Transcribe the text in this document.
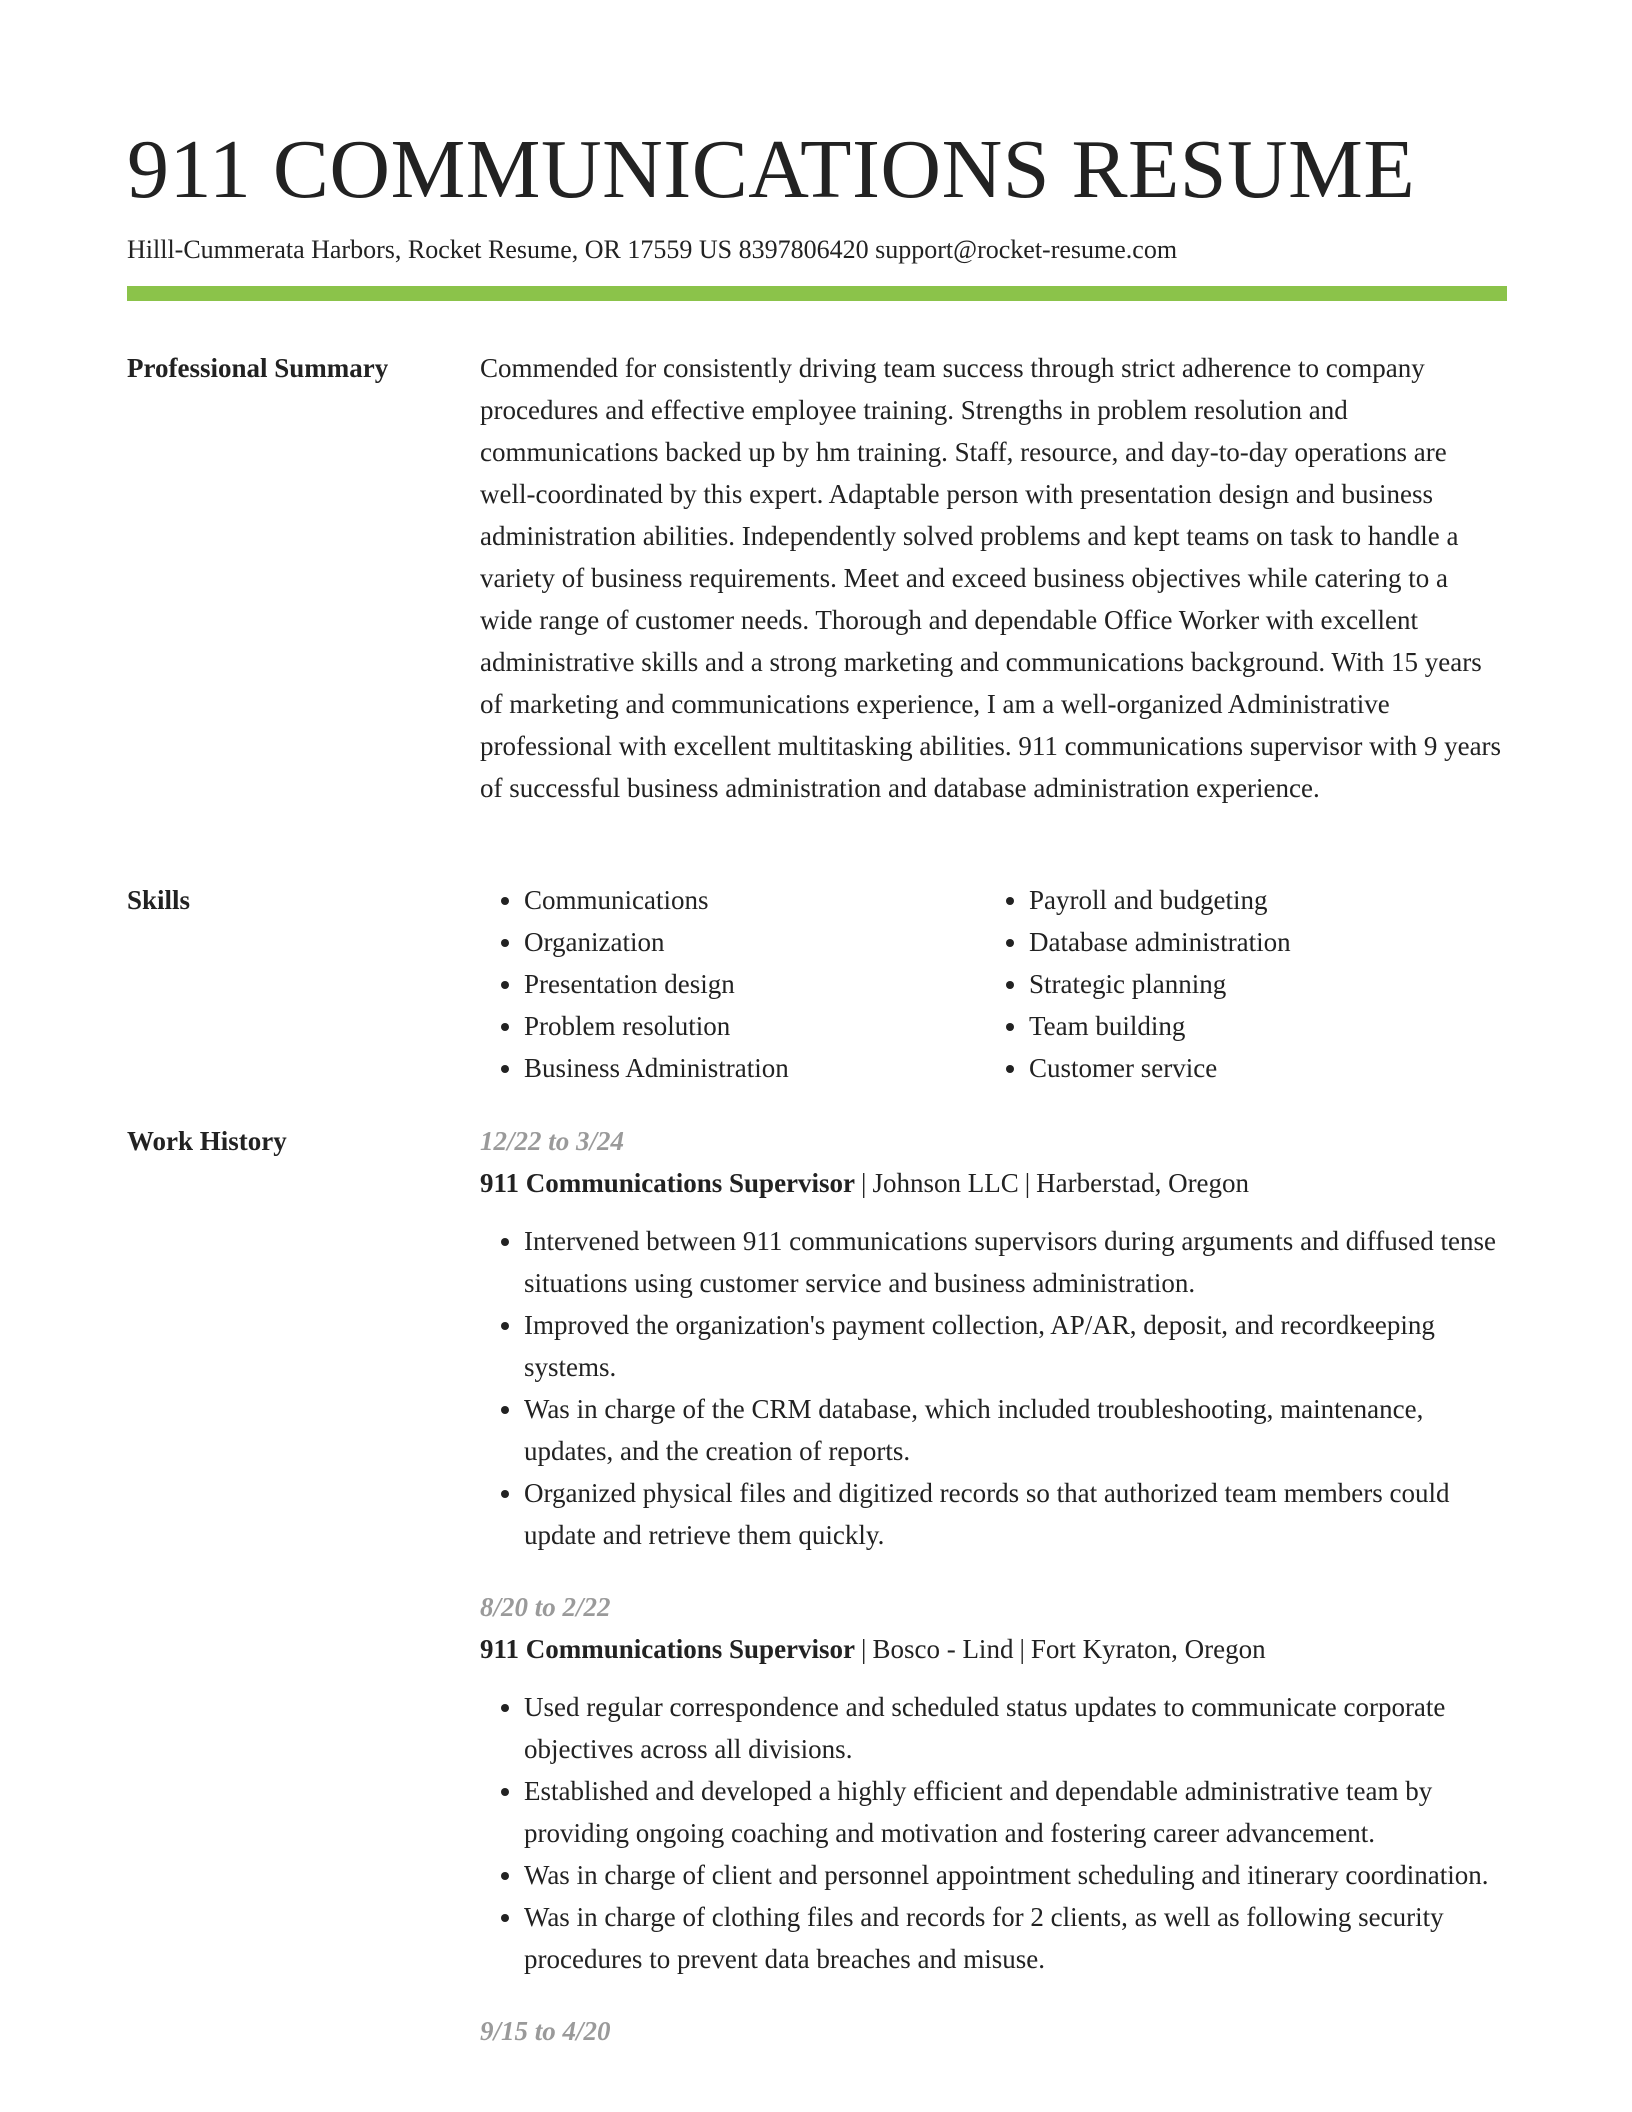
911 COMMUNICATIONS RESUME
Hilll-Cummerata Harbors, Rocket Resume, OR 17559 US 8397806420 support@rocket-resume.com
Professional Summary	Commended for consistently driving team success through strict adherence to company procedures and effective employee training. Strengths in problem resolution and communications backed up by hm training. Staff, resource, and day-to-day operations are well-coordinated by this expert. Adaptable person with presentation design and business administration abilities. Independently solved problems and kept teams on task to handle a variety of business requirements. Meet and exceed business objectives while catering to a wide range of customer needs. Thorough and dependable Office Worker with excellent administrative skills and a strong marketing and communications background. With 15 years of marketing and communications experience, I am a well-organized Administrative professional with excellent multitasking abilities. 911 communications supervisor with 9 years of successful business administration and database administration experience.

Skills
•	Communications
• Organization
• Presentation design
• Problem resolution
• Business Administration
• Payroll and budgeting
• Database administration
• Strategic planning
• Team building
• Customer service
Work History	12/22 to 3/24
911 Communications Supervisor | Johnson LLC | Harberstad, Oregon
• Intervened between 911 communications supervisors during arguments and diffused tense situations using customer service and business administration.
• Improved the organization's payment collection, AP/AR, deposit, and recordkeeping systems.
• Was in charge of the CRM database, which included troubleshooting, maintenance, updates, and the creation of reports.
• Organized physical files and digitized records so that authorized team members could update and retrieve them quickly.
8/20 to 2/22
911 Communications Supervisor | Bosco - Lind | Fort Kyraton, Oregon
• Used regular correspondence and scheduled status updates to communicate corporate objectives across all divisions.
• Established and developed a highly efficient and dependable administrative team by providing ongoing coaching and motivation and fostering career advancement.
• Was in charge of client and personnel appointment scheduling and itinerary coordination.
• Was in charge of clothing files and records for 2 clients, as well as following security procedures to prevent data breaches and misuse.
9/15 to 4/20
